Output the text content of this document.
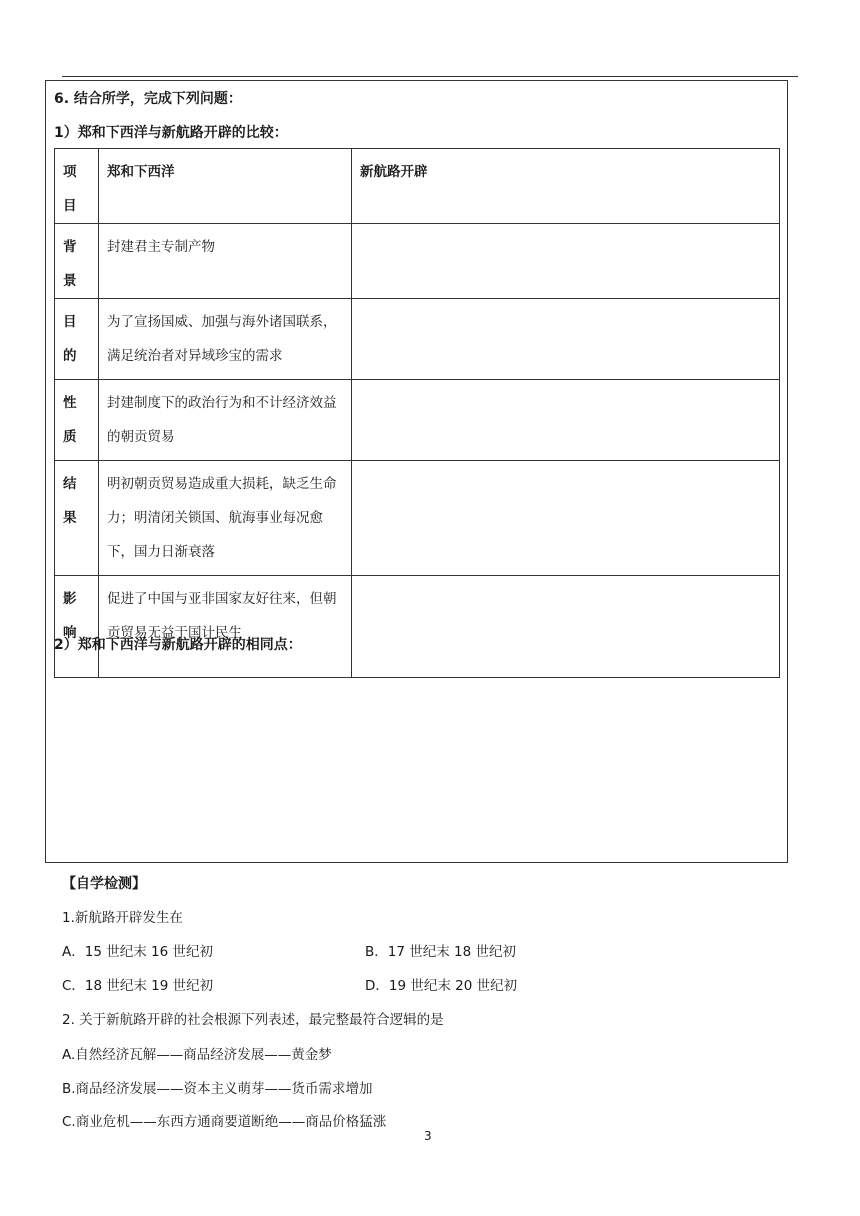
6. 结合所学，完成下列问题：
1）郑和下西洋与新航路开辟的比较：
项目	郑和下西洋	新航路开辟

背景	封建君主专制产物	

目的	为了宣扬国威、加强与海外诸国联系，满足统治者对异域珍宝的需求	

性质	封建制度下的政治行为和不计经济效益的朝贡贸易	

结果	明初朝贡贸易造成重大损耗，缺乏生命力；明清闭关锁国、航海事业每况愈下，国力日渐衰落	

影响	促进了中国与亚非国家友好往来，但朝贡贸易无益于国计民生	
2）郑和下西洋与新航路开辟的相同点：
【自学检测】
1.新航路开辟发生在
A．15 世纪末 16 世纪初	B．17 世纪末 18 世纪初
C．18 世纪末 19 世纪初	D．19 世纪末 20 世纪初
2. 关于新航路开辟的社会根源下列表述，最完整最符合逻辑的是
A.自然经济瓦解——商品经济发展——黄金梦
B.商品经济发展——资本主义萌芽——货币需求增加
C.商业危机——东西方通商要道断绝——商品价格猛涨
3
